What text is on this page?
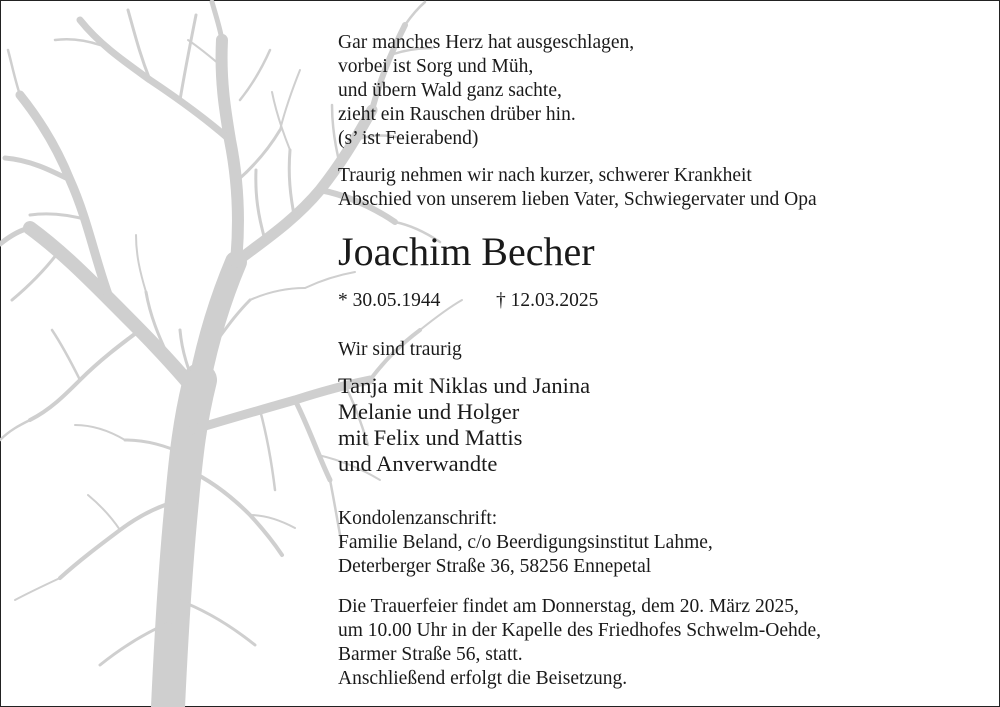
Gar manches Herz hat ausgeschlagen,
vorbei ist Sorg und Müh,
und übern Wald ganz sachte,
zieht ein Rauschen drüber hin.
(s’ ist Feierabend)
Traurig nehmen wir nach kurzer, schwerer Krankheit
Abschied von unserem lieben Vater, Schwiegervater und Opa
Joachim Becher
* 30.05.1944	† 12.03.2025
Wir sind traurig
Tanja mit Niklas und Janina
Melanie und Holger
mit Felix und Mattis
und Anverwandte
Kondolenzanschrift:
Familie Beland, c/o Beerdigungsinstitut Lahme,
Deterberger Straße 36, 58256 Ennepetal
Die Trauerfeier findet am Donnerstag, dem 20. März 2025,
um 10.00 Uhr in der Kapelle des Friedhofes Schwelm-Oehde,
Barmer Straße 56, statt.
Anschließend erfolgt die Beisetzung.
